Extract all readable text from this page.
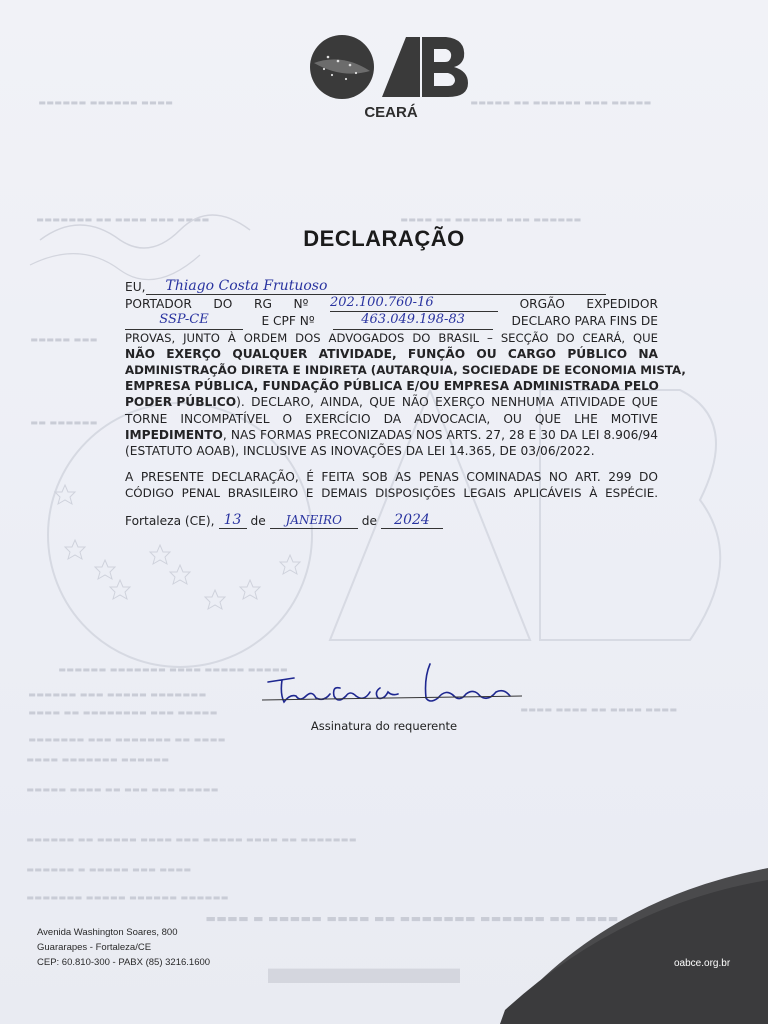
▬▬▬▬ ▬▬▬▬▬▬ ▬▬▬▬▬▬	▬▬▬▬▬ ▬▬▬ ▬▬▬▬▬▬ ▬▬ ▬▬▬▬▬
▬▬▬▬ ▬▬▬ ▬▬▬▬ ▬▬ ▬▬▬▬▬▬▬	▬▬▬▬▬▬ ▬▬▬ ▬▬▬▬▬▬ ▬▬ ▬▬▬▬
▬▬▬ ▬▬▬▬▬
▬▬▬▬▬▬ ▬▬
▬▬▬▬▬ ▬▬▬▬▬ ▬▬▬▬ ▬▬▬▬▬▬▬ ▬▬▬▬▬▬
▬▬▬▬▬▬▬ ▬▬▬▬▬ ▬▬▬ ▬▬▬▬▬▬
▬▬▬▬▬ ▬▬▬ ▬▬▬▬▬▬▬▬ ▬▬ ▬▬▬▬	▬▬▬▬ ▬▬▬▬ ▬▬ ▬▬▬▬ ▬▬▬▬
▬▬▬▬ ▬▬ ▬▬▬▬▬▬▬ ▬▬▬ ▬▬▬▬▬▬▬
▬▬▬▬▬▬ ▬▬▬▬▬▬▬ ▬▬▬▬
▬▬▬▬▬ ▬▬▬ ▬▬▬ ▬▬ ▬▬▬▬ ▬▬▬▬▬
▬▬▬▬▬▬▬ ▬▬ ▬▬▬▬ ▬▬▬▬▬ ▬▬▬ ▬▬▬▬ ▬▬▬▬▬ ▬▬ ▬▬▬▬▬▬
▬▬▬▬ ▬▬▬ ▬▬▬▬▬ ▬ ▬▬▬▬▬▬
▬▬▬▬▬▬ ▬▬▬▬▬▬ ▬▬▬▬▬ ▬▬▬▬▬▬▬
▬▬▬▬ ▬▬ ▬▬▬▬▬▬ ▬▬▬▬▬▬▬ ▬▬ ▬▬▬▬ ▬▬▬▬▬ ▬ ▬▬▬▬
▬▬▬▬
CEARÁ
DECLARAÇÃO
EU,	Thiago Costa Frutuoso
PORTADOR DO RG Nº 202.100.760-16	ORGÃO EXPEDIDOR
SSP-CE	E CPF Nº	463.049.198-83	DECLARO PARA FINS DE
PROVAS, JUNTO À ORDEM DOS ADVOGADOS DO BRASIL – SECÇÃO DO CEARÁ, QUE
NÃO EXERÇO QUALQUER ATIVIDADE, FUNÇÃO OU CARGO PÚBLICO NA
ADMINISTRAÇÃO DIRETA E INDIRETA (AUTARQUIA, SOCIEDADE DE ECONOMIA MISTA,
EMPRESA PÚBLICA, FUNDAÇÃO PÚBLICA E/OU EMPRESA ADMINISTRADA PELO
PODER PÚBLICO ). DECLARO, AINDA, QUE NÃO EXERÇO NENHUMA ATIVIDADE QUE
TORNE INCOMPATÍVEL O EXERCÍCIO DA ADVOCACIA, OU QUE LHE MOTIVE
IMPEDIMENTO , NAS FORMAS PRECONIZADAS NOS ARTS. 27, 28 E 30 DA LEI 8.906/94
(ESTATUTO AOAB), INCLUSIVE AS INOVAÇÕES DA LEI 14.365, DE 03/06/2022.
A PRESENTE DECLARAÇÃO, É FEITA SOB AS PENAS COMINADAS NO ART. 299 DO
CÓDIGO PENAL BRASILEIRO E DEMAIS DISPOSIÇÕES LEGAIS APLICÁVEIS À ESPÉCIE.
Fortaleza (CE), 13 de	JANEIRO	de	2024
Assinatura do requerente
Avenida Washington Soares, 800
Guararapes - Fortaleza/CE
CEP: 60.810-300 - PABX (85) 3216.1600	oabce.org.br
